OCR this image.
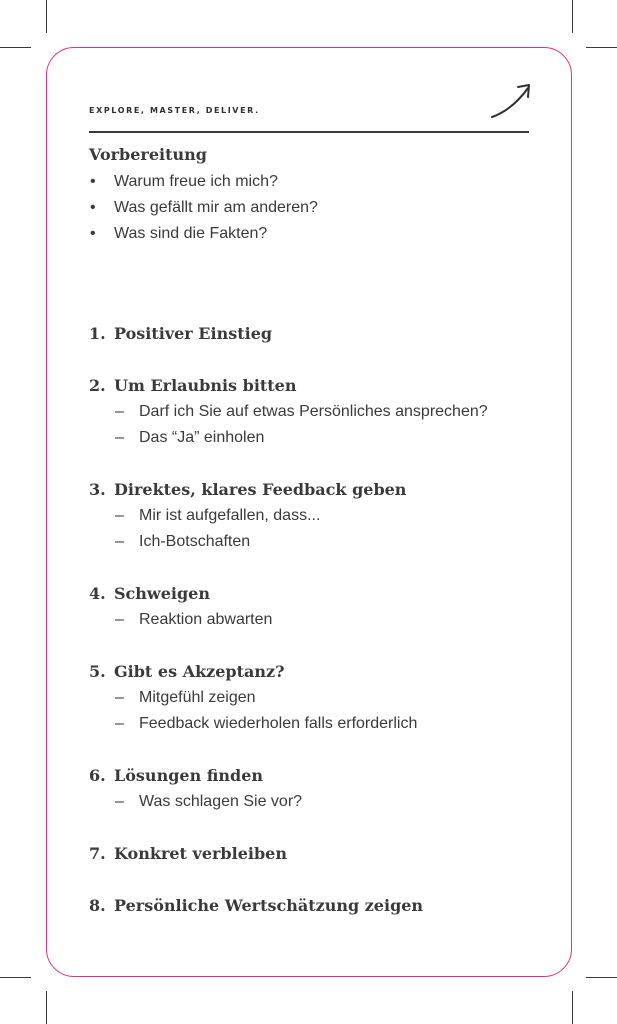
EXPLORE, MASTER, DELIVER.
Vorbereitung
• Warum freue ich mich?
• Was gefällt mir am anderen?
• Was sind die Fakten?
1. Positiver Einstieg
2. Um Erlaubnis bitten
– Darf ich Sie auf etwas Persönliches ansprechen?
– Das “Ja” einholen
3. Direktes, klares Feedback geben
– Mir ist aufgefallen, dass...
– Ich-Botschaften
4. Schweigen
– Reaktion abwarten
5. Gibt es Akzeptanz?
– Mitgefühl zeigen
– Feedback wiederholen falls erforderlich
6. Lösungen finden
– Was schlagen Sie vor?
7. Konkret verbleiben
8. Persönliche Wertschätzung zeigen
